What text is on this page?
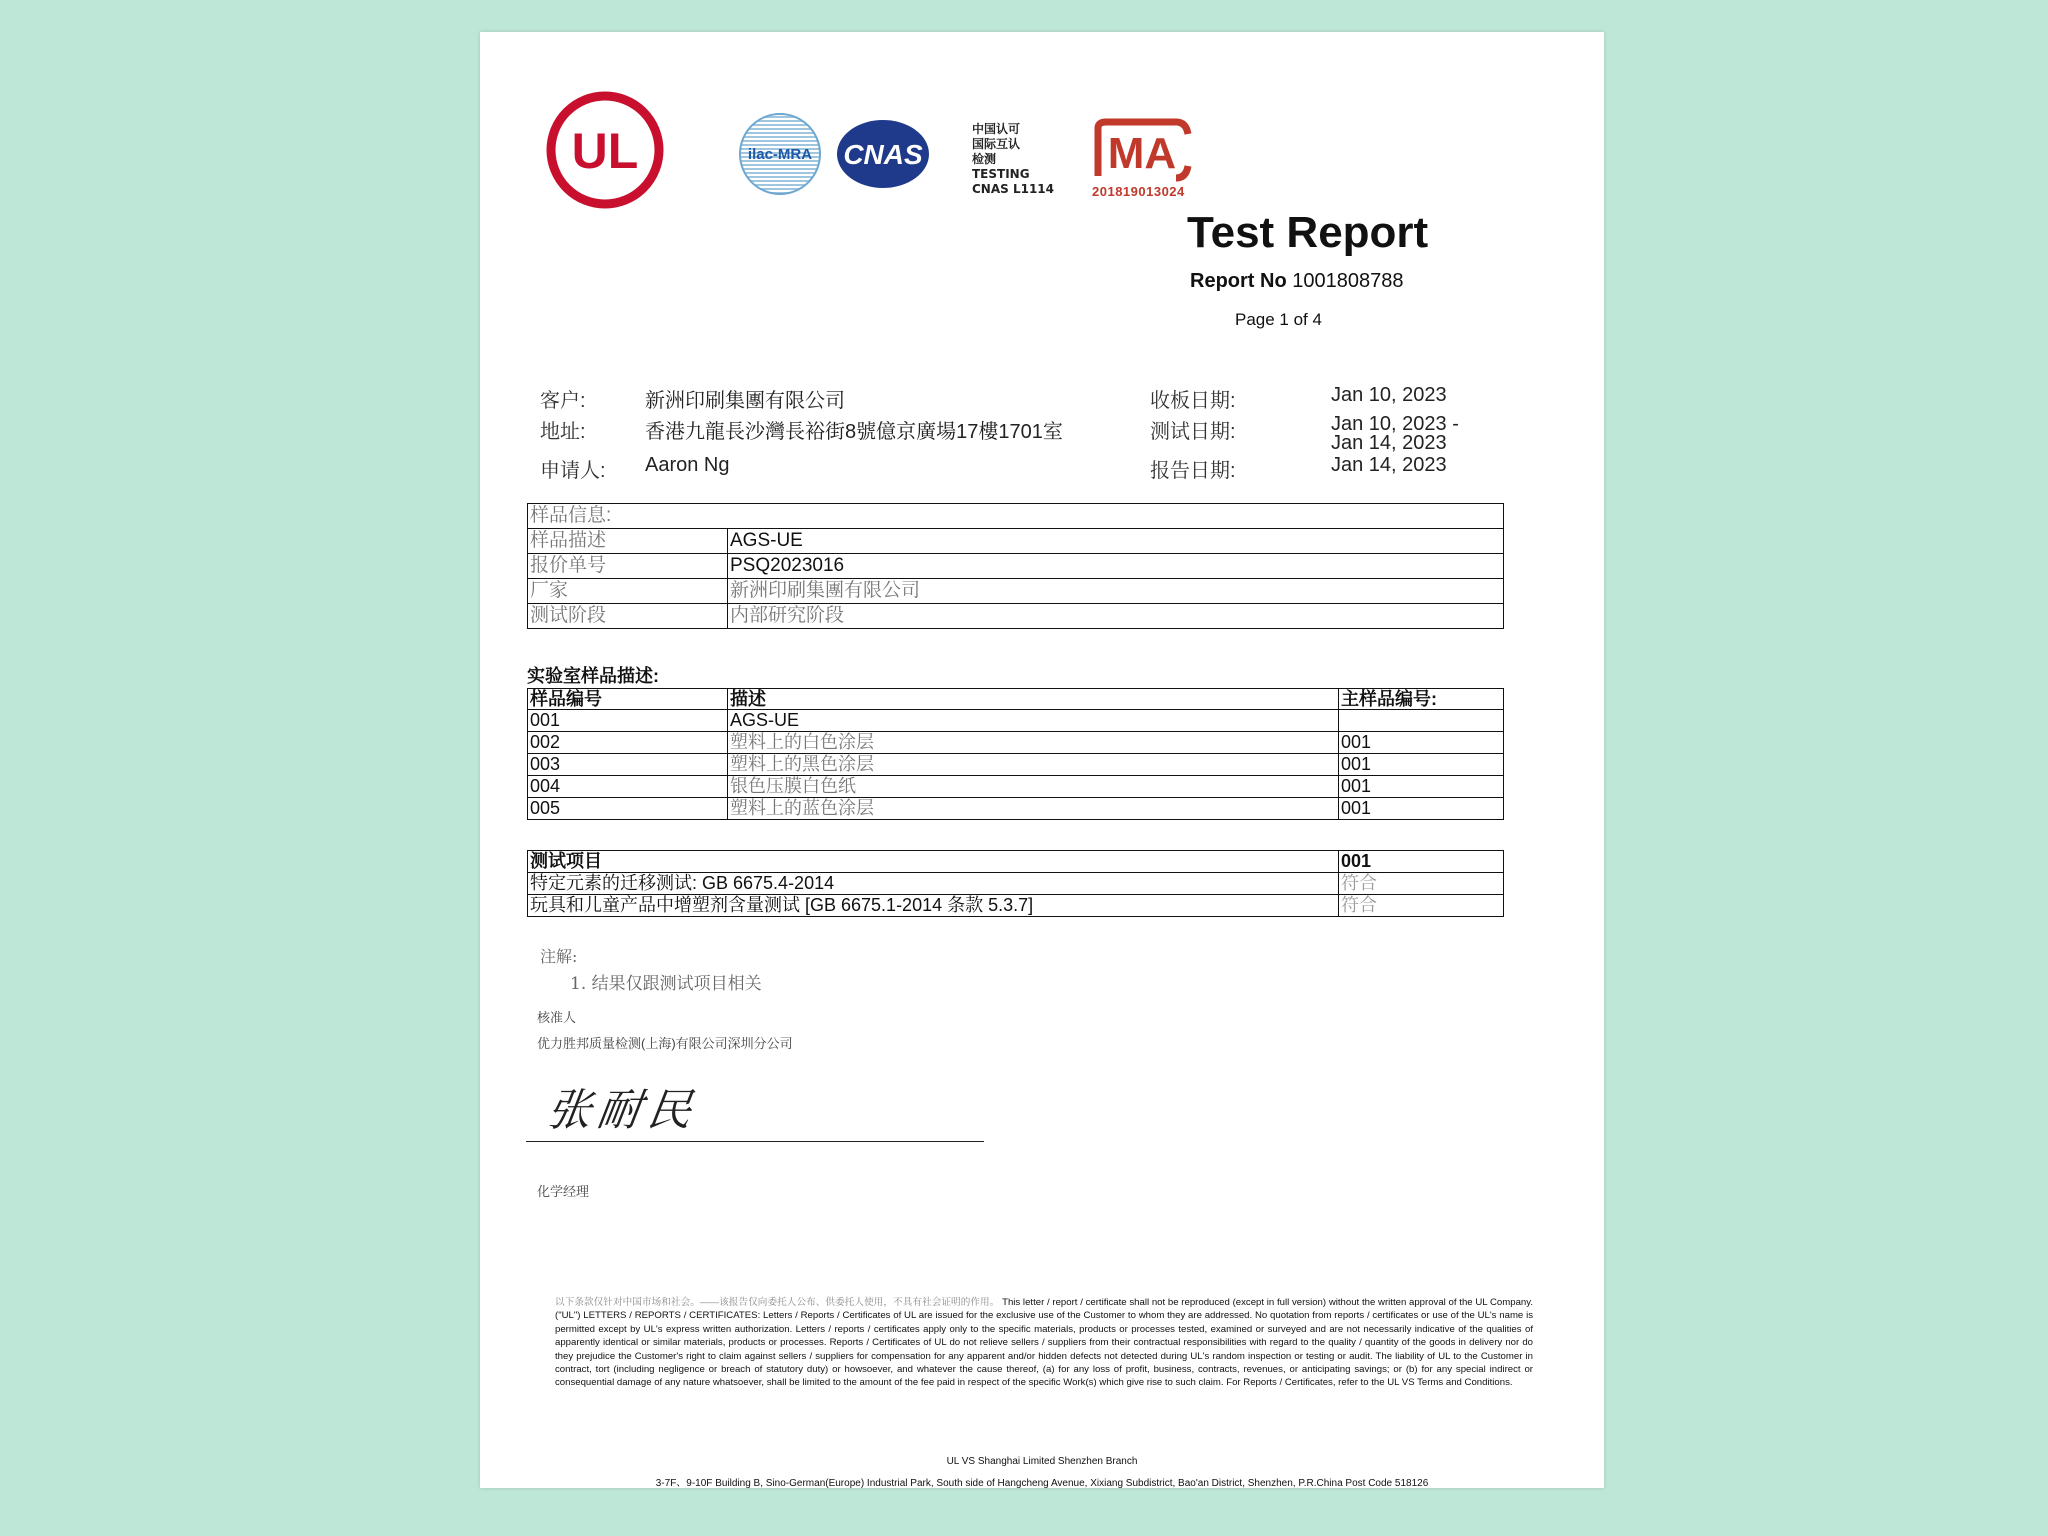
UL	ilac-MRA CNAS
中国认可
国际互认
检测
TESTING
CNAS L1114
MA
201819013024
Test Report
Report No 1001808788
Page 1 of 4
客户:	新洲印刷集團有限公司
地址:	香港九龍長沙灣長裕街8號億京廣場17樓1701室
申请人: Aaron Ng
收板日期:	Jan 10, 2023
测试日期:	Jan 10, 2023 -
Jan 14, 2023
报告日期:	Jan 14, 2023
样品信息:	
样品描述	AGS-UE
报价单号	PSQ2023016
厂家	新洲印刷集團有限公司
测试阶段	内部研究阶段
实验室样品描述:
样品编号	描述	主样品编号:
001	AGS-UE	
002	塑料上的白色涂层	001
003	塑料上的黑色涂层	001
004	银色压膜白色纸	001
005	塑料上的蓝色涂层	001
测试项目	001
特定元素的迁移测试: GB 6675.4-2014	符合
玩具和儿童产品中增塑剂含量测试 [GB 6675.1-2014 条款 5.3.7]	符合
注解:
1. 结果仅跟测试项目相关
核准人
优力胜邦质量检测(上海)有限公司深圳分公司
张耐民
化学经理
以下条款仅针对中国市场和社会。——该报告仅向委托人公布、供委托人使用，不具有社会证明的作用。 This letter / report / certificate shall not be reproduced (except in full version) without the written approval of the UL Company. ("UL") LETTERS / REPORTS / CERTIFICATES: Letters / Reports / Certificates of UL are issued for the exclusive use of the Customer to whom they are addressed. No quotation from reports / certificates or use of the UL's name is permitted except by UL's express written authorization. Letters / reports / certificates apply only to the specific materials, products or processes tested, examined or surveyed and are not necessarily indicative of the qualities of apparently identical or similar materials, products or processes. Reports / Certificates of UL do not relieve sellers / suppliers from their contractual responsibilities with regard to the quality / quantity of the goods in delivery nor do they prejudice the Customer's right to claim against sellers / suppliers for compensation for any apparent and/or hidden defects not detected during UL's random inspection or testing or audit. The liability of UL to the Customer in contract, tort (including negligence or breach of statutory duty) or howsoever, and whatever the cause thereof, (a) for any loss of profit, business, contracts, revenues, or anticipating savings; or (b) for any special indirect or consequential damage of any nature whatsoever, shall be limited to the amount of the fee paid in respect of the specific Work(s) which give rise to such claim. For Reports / Certificates, refer to the UL VS Terms and Conditions.
UL VS Shanghai Limited Shenzhen Branch
3-7F、9-10F Building B, Sino-German(Europe) Industrial Park, South side of Hangcheng Avenue, Xixiang Subdistrict, Bao'an District, Shenzhen, P.R.China Post Code 518126
